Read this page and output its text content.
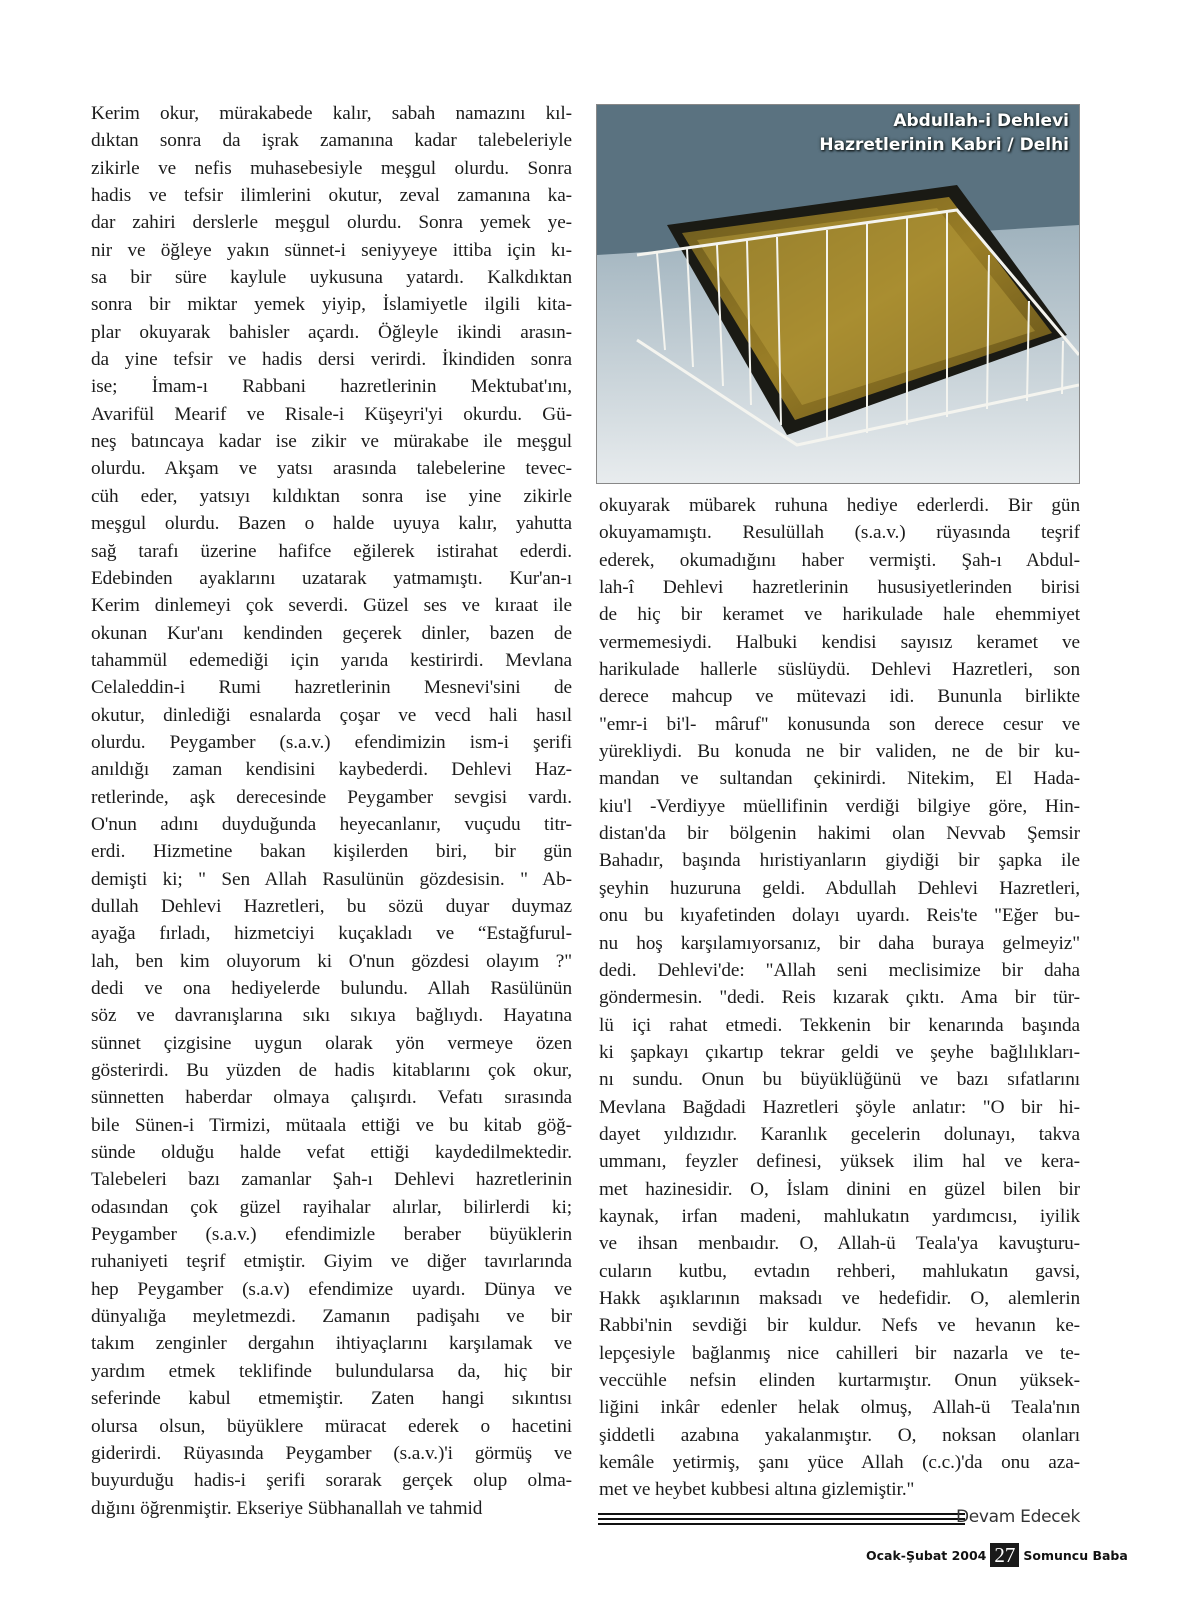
Kerim okur, mürakabede kalır, sabah namazını kıl-
dıktan sonra da işrak zamanına kadar talebeleriyle
zikirle ve nefis muhasebesiyle meşgul olurdu. Sonra
hadis ve tefsir ilimlerini okutur, zeval zamanına ka-
dar zahiri derslerle meşgul olurdu. Sonra yemek ye-
nir ve öğleye yakın sünnet-i seniyyeye ittiba için kı-
sa bir süre kaylule uykusuna yatardı. Kalkdıktan
sonra bir miktar yemek yiyip, İslamiyetle ilgili kita-
plar okuyarak bahisler açardı. Öğleyle ikindi arasın-
da yine tefsir ve hadis dersi verirdi. İkindiden sonra
ise; İmam-ı Rabbani hazretlerinin Mektubat'ını,
Avarifül Mearif ve Risale-i Küşeyri'yi okurdu. Gü-
neş batıncaya kadar ise zikir ve mürakabe ile meşgul
olurdu. Akşam ve yatsı arasında talebelerine tevec-
cüh eder, yatsıyı kıldıktan sonra ise yine zikirle
meşgul olurdu. Bazen o halde uyuya kalır, yahutta
sağ tarafı üzerine hafifce eğilerek istirahat ederdi.
Edebinden ayaklarını uzatarak yatmamıştı. Kur'an-ı
Kerim dinlemeyi çok severdi. Güzel ses ve kıraat ile
okunan Kur'anı kendinden geçerek dinler, bazen de
tahammül edemediği için yarıda kestirirdi. Mevlana
Celaleddin-i Rumi hazretlerinin Mesnevi'sini de
okutur, dinlediği esnalarda çoşar ve vecd hali hasıl
olurdu. Peygamber (s.a.v.) efendimizin ism-i şerifi
anıldığı zaman kendisini kaybederdi. Dehlevi Haz-
retlerinde, aşk derecesinde Peygamber sevgisi vardı.
O'nun adını duyduğunda heyecanlanır, vuçudu titr-
erdi. Hizmetine bakan kişilerden biri, bir gün
demişti ki; " Sen Allah Rasulünün gözdesisin. " Ab-
dullah Dehlevi Hazretleri, bu sözü duyar duymaz
ayağa fırladı, hizmetciyi kuçakladı ve “Estağfurul-
lah, ben kim oluyorum ki O'nun gözdesi olayım ?"
dedi ve ona hediyelerde bulundu. Allah Rasülünün
söz ve davranışlarına sıkı sıkıya bağlıydı. Hayatına
sünnet çizgisine uygun olarak yön vermeye özen
gösterirdi. Bu yüzden de hadis kitablarını çok okur,
sünnetten haberdar olmaya çalışırdı. Vefatı sırasında
bile Sünen-i Tirmizi, mütaala ettiği ve bu kitab göğ-
sünde olduğu halde vefat ettiği kaydedilmektedir.
Talebeleri bazı zamanlar Şah-ı Dehlevi hazretlerinin
odasından çok güzel rayihalar alırlar, bilirlerdi ki;
Peygamber (s.a.v.) efendimizle beraber büyüklerin
ruhaniyeti teşrif etmiştir. Giyim ve diğer tavırlarında
hep Peygamber (s.a.v) efendimize uyardı. Dünya ve
dünyalığa meyletmezdi. Zamanın padişahı ve bir
takım zenginler dergahın ihtiyaçlarını karşılamak ve
yardım etmek teklifinde bulundularsa da, hiç bir
seferinde kabul etmemiştir. Zaten hangi sıkıntısı
olursa olsun, büyüklere müracat ederek o hacetini
giderirdi. Rüyasında Peygamber (s.a.v.)'i görmüş ve
buyurduğu hadis-i şerifi sorarak gerçek olup olma-
dığını öğrenmiştir. Ekseriye Sübhanallah ve tahmid
Abdullah-i Dehlevi
Hazretlerinin Kabri / Delhi
okuyarak mübarek ruhuna hediye ederlerdi. Bir gün
okuyamamıştı. Resulüllah (s.a.v.) rüyasında teşrif
ederek, okumadığını haber vermişti. Şah-ı Abdul-
lah-î Dehlevi hazretlerinin hususiyetlerinden birisi
de hiç bir keramet ve harikulade hale ehemmiyet
vermemesiydi. Halbuki kendisi sayısız keramet ve
harikulade hallerle süslüydü. Dehlevi Hazretleri, son
derece mahcup ve mütevazi idi. Bununla birlikte
"emr-i bi'l- mâruf" konusunda son derece cesur ve
yürekliydi. Bu konuda ne bir validen, ne de bir ku-
mandan ve sultandan çekinirdi. Nitekim, El Hada-
kiu'l -Verdiyye müellifinin verdiği bilgiye göre, Hin-
distan'da bir bölgenin hakimi olan Nevvab Şemsir
Bahadır, başında hıristiyanların giydiği bir şapka ile
şeyhin huzuruna geldi. Abdullah Dehlevi Hazretleri,
onu bu kıyafetinden dolayı uyardı. Reis'te "Eğer bu-
nu hoş karşılamıyorsanız, bir daha buraya gelmeyiz"
dedi. Dehlevi'de: "Allah seni meclisimize bir daha
göndermesin. "dedi. Reis kızarak çıktı. Ama bir tür-
lü içi rahat etmedi. Tekkenin bir kenarında başında
ki şapkayı çıkartıp tekrar geldi ve şeyhe bağlılıkları-
nı sundu. Onun bu büyüklüğünü ve bazı sıfatlarını
Mevlana Bağdadi Hazretleri şöyle anlatır: "O bir hi-
dayet yıldızıdır. Karanlık gecelerin dolunayı, takva
ummanı, feyzler definesi, yüksek ilim hal ve kera-
met hazinesidir. O, İslam dinini en güzel bilen bir
kaynak, irfan madeni, mahlukatın yardımcısı, iyilik
ve ihsan menbaıdır. O, Allah-ü Teala'ya kavuşturu-
cuların kutbu, evtadın rehberi, mahlukatın gavsi,
Hakk aşıklarının maksadı ve hedefidir. O, alemlerin
Rabbi'nin sevdiği bir kuldur. Nefs ve hevanın ke-
lepçesiyle bağlanmış nice cahilleri bir nazarla ve te-
veccühle nefsin elinden kurtarmıştır. Onun yüksek-
liğini inkâr edenler helak olmuş, Allah-ü Teala'nın
şiddetli azabına yakalanmıştır. O, noksan olanları
kemâle yetirmiş, şanı yüce Allah (c.c.)'da onu aza-
met ve heybet kubbesi altına gizlemiştir."
Devam Edecek
Ocak-Şubat 2004 27 Somuncu Baba
